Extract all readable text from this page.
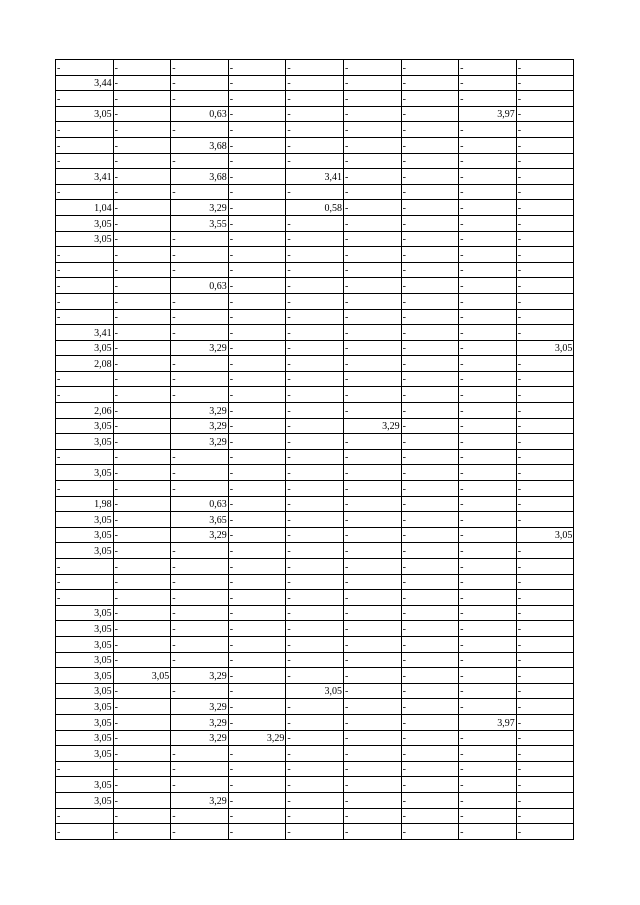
-	-	-	-	-	-	-	-	-
3,44	-	-	-	-	-	-	-	-
-	-	-	-	-	-	-	-	-
3,05	-	0,63	-	-	-	-	3,97	-
-	-	-	-	-	-	-	-	-
-	-	3,68	-	-	-	-	-	-
-	-	-	-	-	-	-	-	-
3,41	-	3,68	-	3,41	-	-	-	-
-	-	-	-	-	-	-	-	-
1,04	-	3,29	-	0,58	-	-	-	-
3,05	-	3,55	-	-	-	-	-	-
3,05	-	-	-	-	-	-	-	-
-	-	-	-	-	-	-	-	-
-	-	-	-	-	-	-	-	-
-	-	0,63	-	-	-	-	-	-
-	-	-	-	-	-	-	-	-
-	-	-	-	-	-	-	-	-
3,41	-	-	-	-	-	-	-	-
3,05	-	3,29	-	-	-	-	-	3,05
2,08	-	-	-	-	-	-	-	-
-	-	-	-	-	-	-	-	-
-	-	-	-	-	-	-	-	-
2,06	-	3,29	-	-	-	-	-	-
3,05	-	3,29	-	-	3,29	-	-	-
3,05	-	3,29	-	-	-	-	-	-
-	-	-	-	-	-	-	-	-
3,05	-	-	-	-	-	-	-	-
-	-	-	-	-	-	-	-	-
1,98	-	0,63	-	-	-	-	-	-
3,05	-	3,65	-	-	-	-	-	-
3,05	-	3,29	-	-	-	-	-	3,05
3,05	-	-	-	-	-	-	-	-
-	-	-	-	-	-	-	-	-
-	-	-	-	-	-	-	-	-
-	-	-	-	-	-	-	-	-
3,05	-	-	-	-	-	-	-	-
3,05	-	-	-	-	-	-	-	-
3,05	-	-	-	-	-	-	-	-
3,05	-	-	-	-	-	-	-	-
3,05	3,05	3,29	-	-	-	-	-	-
3,05	-	-	-	3,05	-	-	-	-
3,05	-	3,29	-	-	-	-	-	-
3,05	-	3,29	-	-	-	-	3,97	-
3,05	-	3,29	3,29	-	-	-	-	-
3,05	-	-	-	-	-	-	-	-
-	-	-	-	-	-	-	-	-
3,05	-	-	-	-	-	-	-	-
3,05	-	3,29	-	-	-	-	-	-
-	-	-	-	-	-	-	-	-
-	-	-	-	-	-	-	-	-
